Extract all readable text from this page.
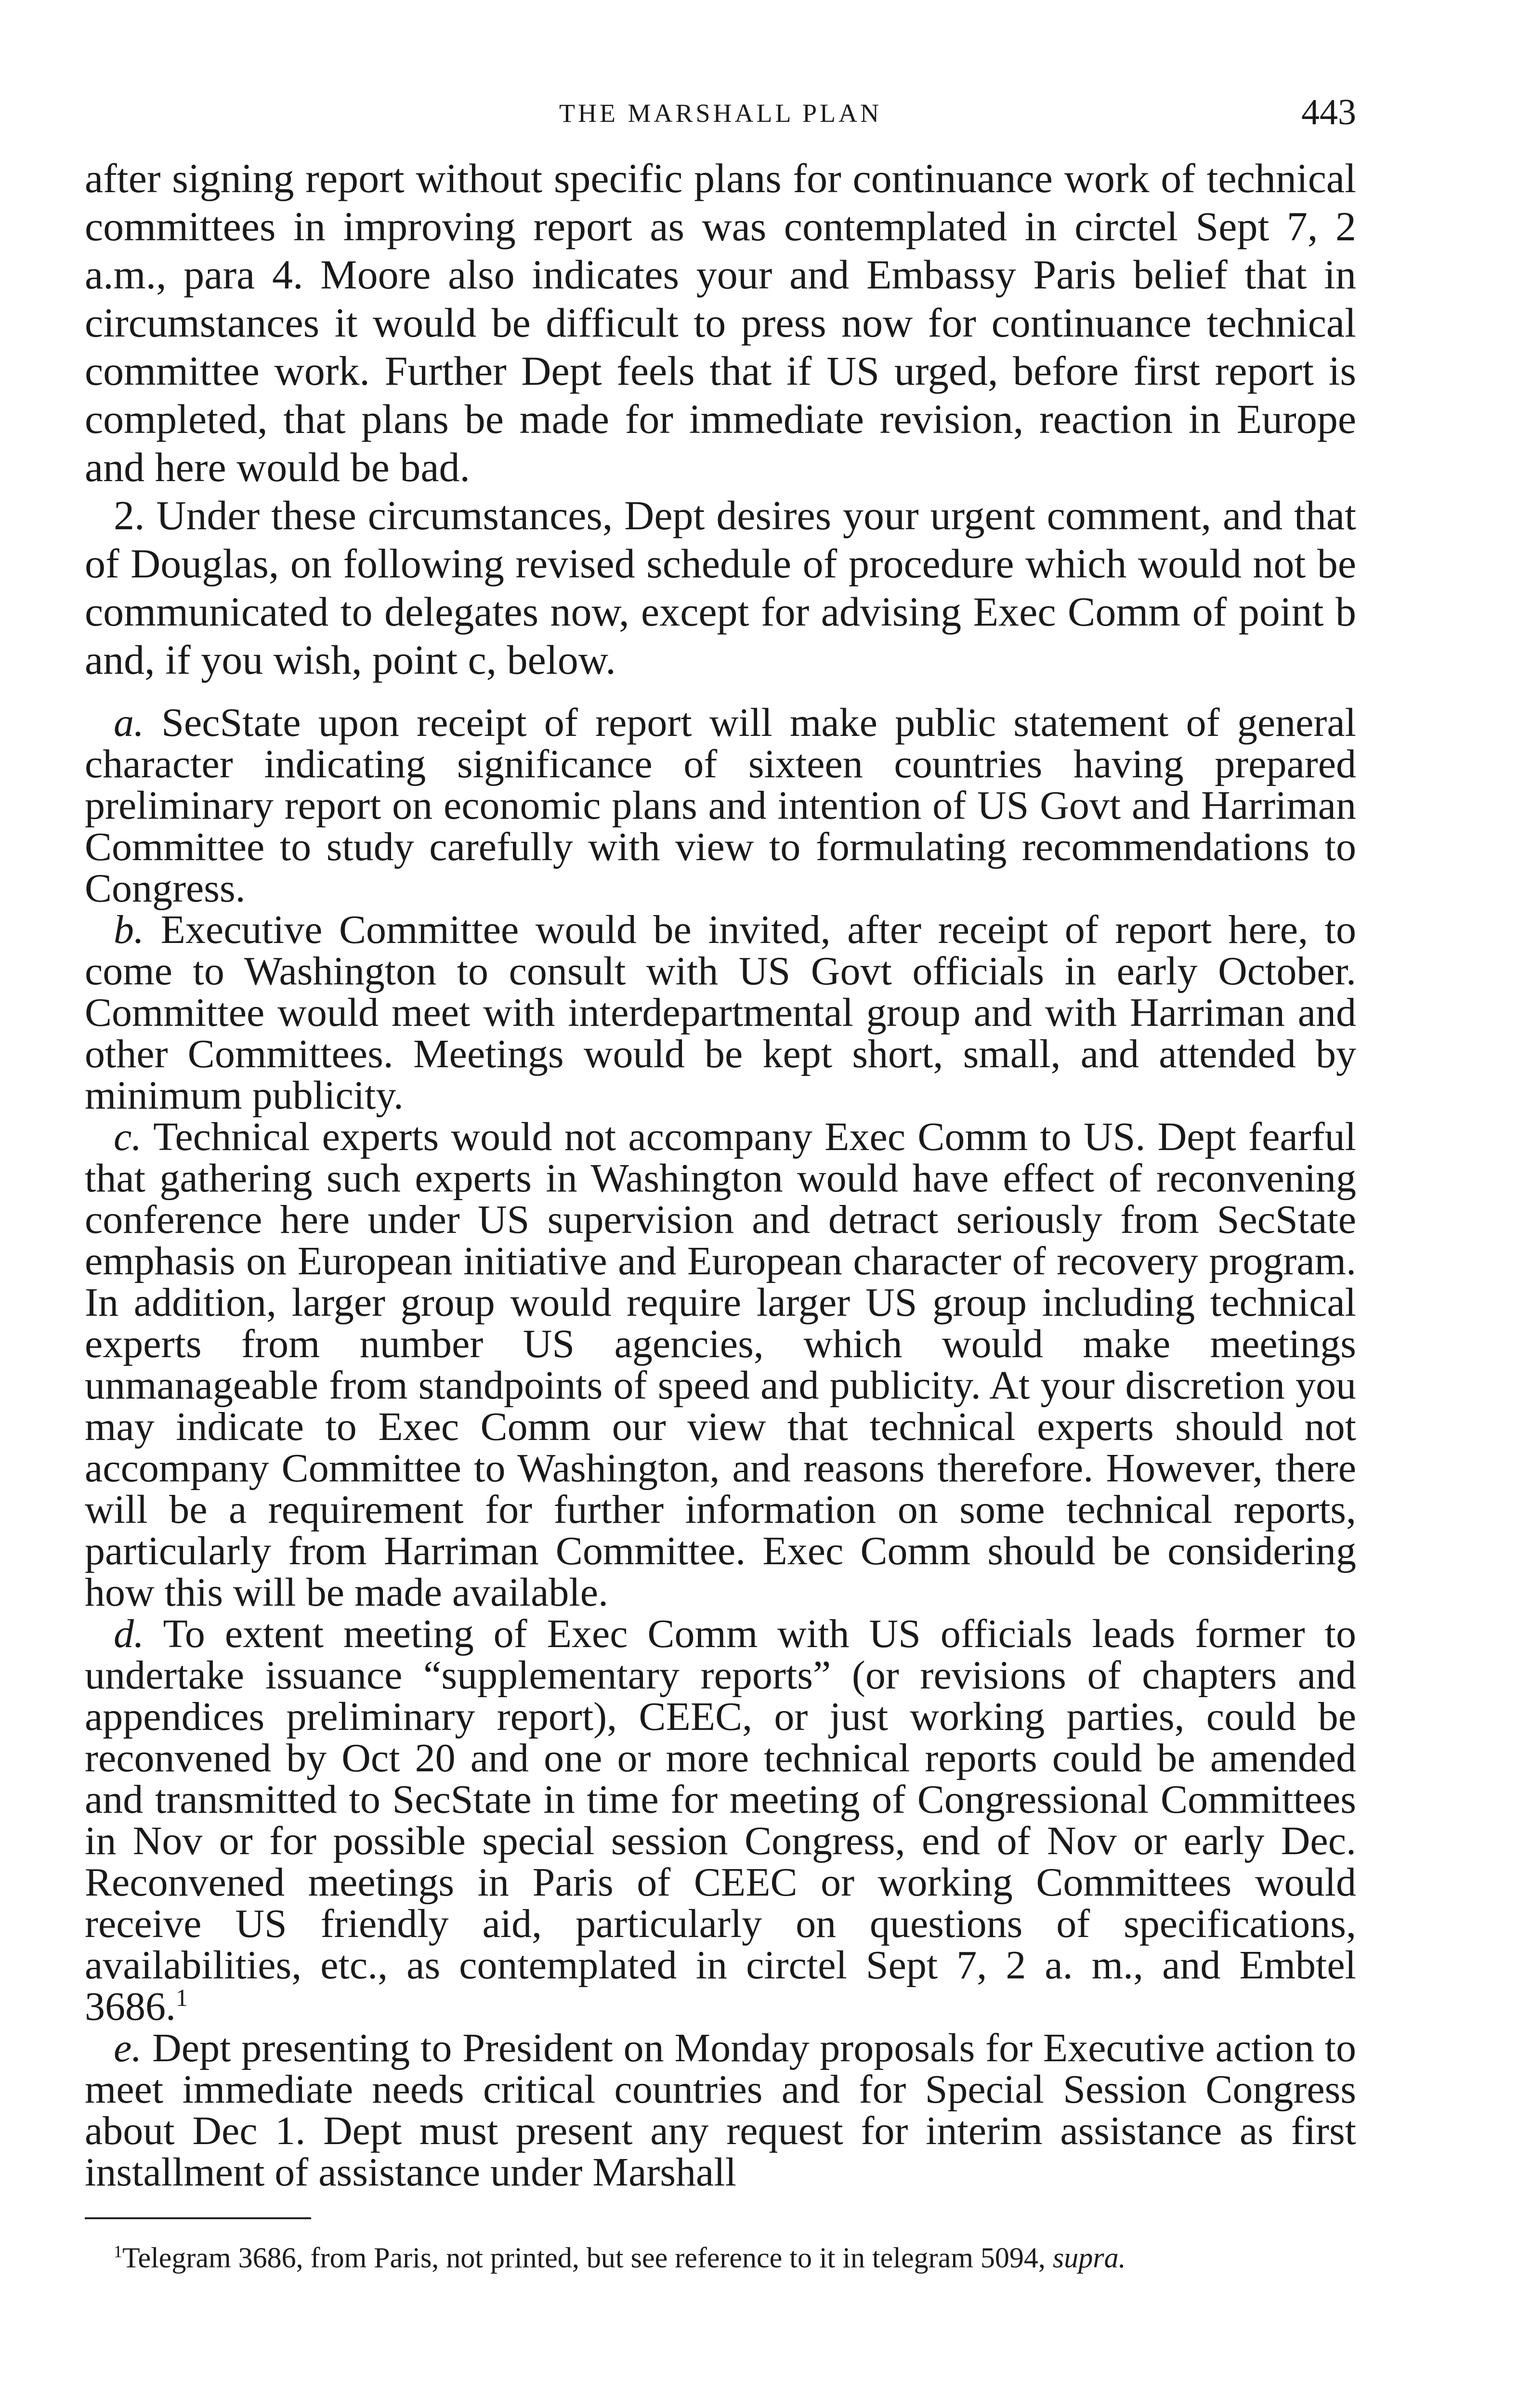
THE MARSHALL PLAN	443

after signing report without specific plans for continuance work of technical committees in improving report as was contemplated in circtel Sept 7, 2 a.m., para 4. Moore also indicates your and Embassy Paris belief that in circumstances it would be difficult to press now for continuance technical committee work. Further Dept feels that if US urged, before first report is completed, that plans be made for immediate revision, reaction in Europe and here would be bad.

2. Under these circumstances, Dept desires your urgent comment, and that of Douglas, on following revised schedule of procedure which would not be communicated to delegates now, except for advising Exec Comm of point b and, if you wish, point c, below.

a. SecState upon receipt of report will make public statement of general character indicating significance of sixteen countries having prepared preliminary report on economic plans and intention of US Govt and Harriman Committee to study carefully with view to formulating recommendations to Congress.

b. Executive Committee would be invited, after receipt of report here, to come to Washington to consult with US Govt officials in early October. Committee would meet with interdepartmental group and with Harriman and other Committees. Meetings would be kept short, small, and attended by minimum publicity.

c. Technical experts would not accompany Exec Comm to US. Dept fearful that gathering such experts in Washington would have effect of reconvening conference here under US supervision and detract seriously from SecState emphasis on European initiative and European character of recovery program. In addition, larger group would require larger US group including technical experts from number US agencies, which would make meetings unmanageable from standpoints of speed and publicity. At your discretion you may indicate to Exec Comm our view that technical experts should not accompany Committee to Washington, and reasons therefore. However, there will be a requirement for further information on some technical reports, particularly from Harriman Committee. Exec Comm should be considering how this will be made available.

d. To extent meeting of Exec Comm with US officials leads former to undertake issuance “supplementary reports” (or revisions of chapters and appendices preliminary report), CEEC, or just working parties, could be reconvened by Oct 20 and one or more technical reports could be amended and transmitted to SecState in time for meeting of Congressional Committees in Nov or for possible special session Congress, end of Nov or early Dec. Reconvened meetings in Paris of CEEC or working Committees would receive US friendly aid, particularly on questions of specifications, availabilities, etc., as contemplated in circtel Sept 7, 2 a. m., and Embtel 3686.$^1$

e. Dept presenting to President on Monday proposals for Executive action to meet immediate needs critical countries and for Special Session Congress about Dec 1. Dept must present any request for interim assistance as first installment of assistance under Marshall

$^1$Telegram 3686, from Paris, not printed, but see reference to it in telegram 5094, supra.
